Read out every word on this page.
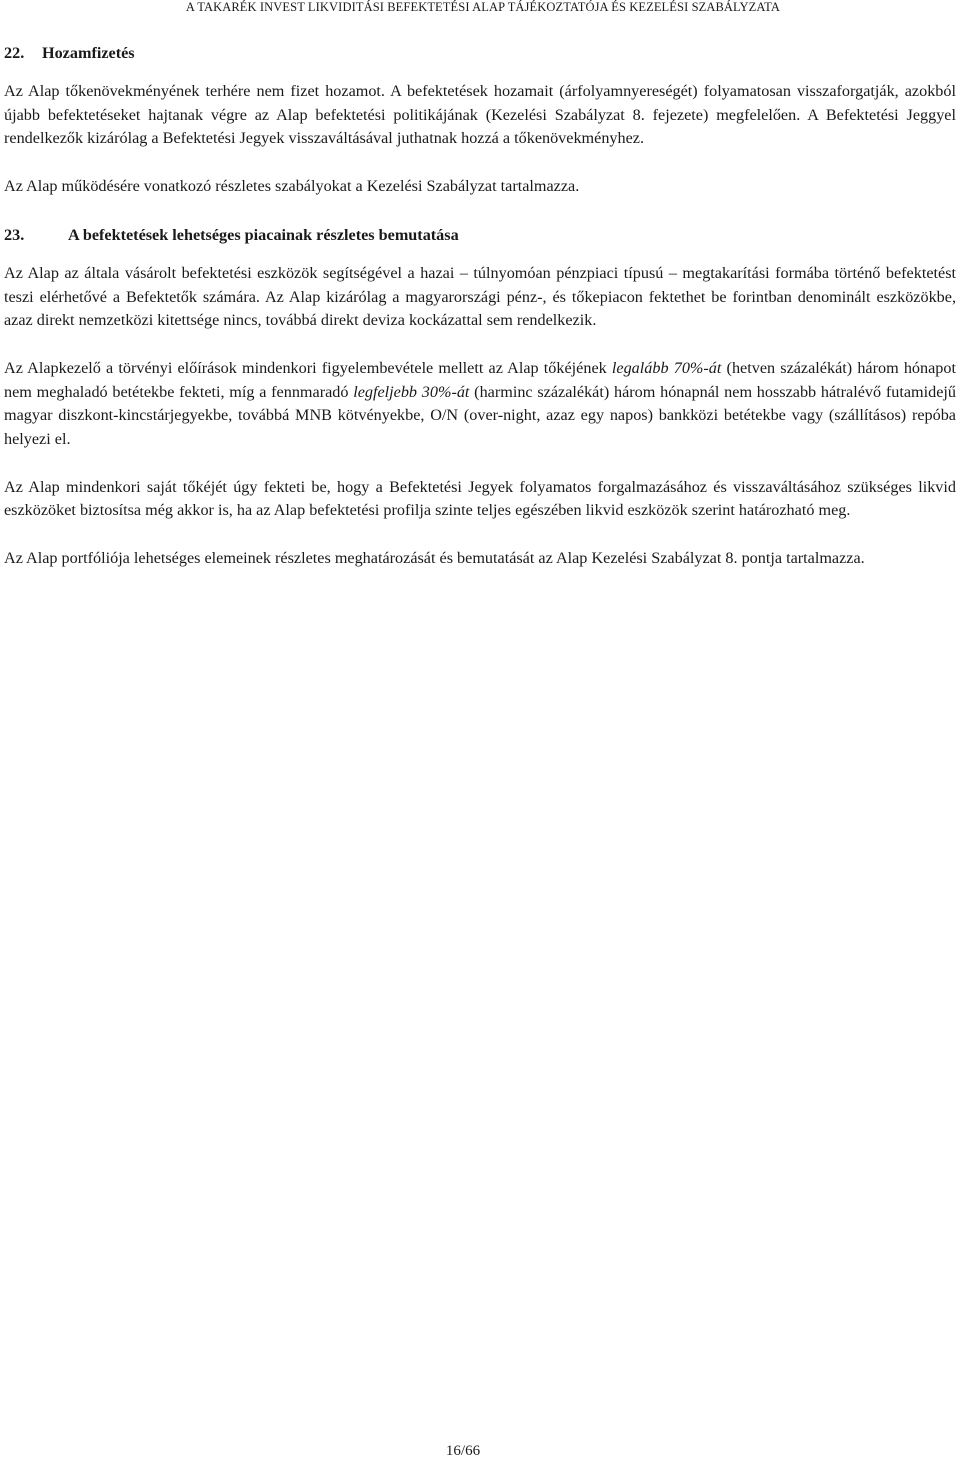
A TAKARÉK INVEST LIKVIDITÁSI BEFEKTETÉSI ALAP TÁJÉKOZTATÓJA ÉS KEZELÉSI SZABÁLYZATA
22. Hozamfizetés

Az Alap tőkenövekményének terhére nem fizet hozamot. A befektetések hozamait (árfolyamnyereségét) folyamatosan visszaforgatják, azokból újabb befektetéseket hajtanak végre az Alap befektetési politikájának (Kezelési Szabályzat 8. fejezete) megfelelően. A Befektetési Jeggyel rendelkezők kizárólag a Befektetési Jegyek visszaváltásával juthatnak hozzá a tőkenövekményhez.

Az Alap működésére vonatkozó részletes szabályokat a Kezelési Szabályzat tartalmazza.

23.	A befektetések lehetséges piacainak részletes bemutatása

Az Alap az általa vásárolt befektetési eszközök segítségével a hazai – túlnyomóan pénzpiaci típusú – megtakarítási formába történő befektetést teszi elérhetővé a Befektetők számára. Az Alap kizárólag a magyarországi pénz-, és tőkepiacon fektethet be forintban denominált eszközökbe, azaz direkt nemzetközi kitettsége nincs, továbbá direkt deviza kockázattal sem rendelkezik.

Az Alapkezelő a törvényi előírások mindenkori figyelembevétele mellett az Alap tőkéjének legalább 70%-át (hetven százalékát) három hónapot nem meghaladó betétekbe fekteti, míg a fennmaradó legfeljebb 30%-át (harminc százalékát) három hónapnál nem hosszabb hátralévő futamidejű magyar diszkont-kincstárjegyekbe, továbbá MNB kötvényekbe, O/N (over-night, azaz egy napos) bankközi betétekbe vagy (szállításos) repóba helyezi el.

Az Alap mindenkori saját tőkéjét úgy fekteti be, hogy a Befektetési Jegyek folyamatos forgalmazásához és visszaváltásához szükséges likvid eszközöket biztosítsa még akkor is, ha az Alap befektetési profilja szinte teljes egészében likvid eszközök szerint határozható meg.

Az Alap portfóliója lehetséges elemeinek részletes meghatározását és bemutatását az Alap Kezelési Szabályzat 8. pontja tartalmazza.

16/66
